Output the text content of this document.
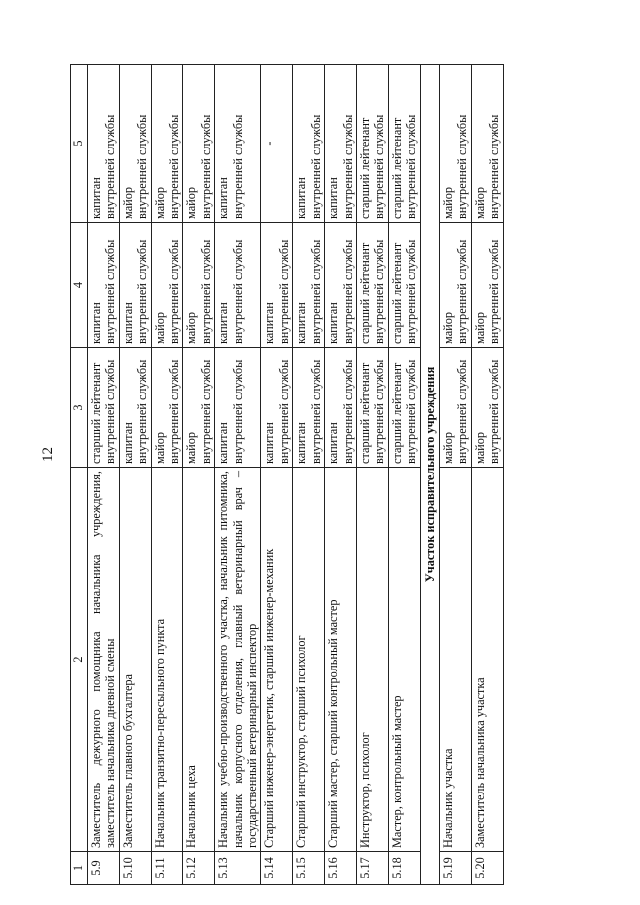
12
1	2	3	4	5
5.9	Заместитель дежурного помощника начальника учреждения, заместитель начальника дневной смены	старший лейтенант внутренней службы	капитан внутренней службы	капитан внутренней службы

5.10	Заместитель главного бухгалтера	капитан внутренней службы	капитан внутренней службы	майор внутренней службы

5.11	Начальник транзитно-пересыльного пункта	майор внутренней службы	майор внутренней службы	майор внутренней службы

5.12	Начальник цеха	майор внутренней службы	майор внутренней службы	майор внутренней службы

5.13	Начальник учебно-производственного участка, начальник питомника, начальник корпусного отделения, главный ветеринарный врач – государственный ветеринарный инспектор	капитан внутренней службы	капитан внутренней службы	капитан внутренней службы

5.14	Старший инженер-энергетик, старший инженер-механик	капитан внутренней службы	капитан внутренней службы	-

5.15	Старший инструктор, старший психолог	капитан внутренней службы	капитан внутренней службы	капитан внутренней службы

5.16	Старший мастер, старший контрольный мастер	капитан внутренней службы	капитан внутренней службы	капитан внутренней службы

5.17	Инструктор, психолог	старший лейтенант внутренней службы	старший лейтенант внутренней службы	старший лейтенант внутренней службы

5.18	Мастер, контрольный мастер	старший лейтенант внутренней службы	старший лейтенант внутренней службы	старший лейтенант внутренней службы

Участок исправительного учреждения				
5.19	Начальник участка	майор внутренней службы	майор внутренней службы	майор внутренней службы

5.20	Заместитель начальника участка	майор внутренней службы	майор внутренней службы	майор внутренней службы
